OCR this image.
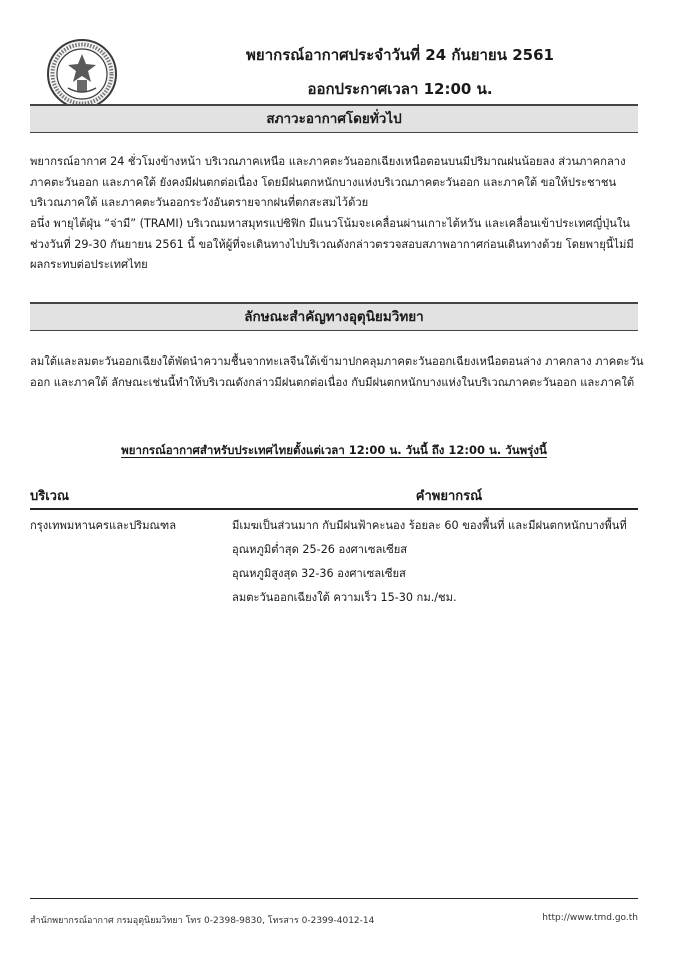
พยากรณ์อากาศประจำวันที่ 24 กันยายน 2561
ออกประกาศเวลา 12:00 น.
สภาวะอากาศโดยทั่วไป

พยากรณ์อากาศ 24 ชั่วโมงข้างหน้า บริเวณภาคเหนือ และภาคตะวันออกเฉียงเหนือตอนบนมีปริมาณฝนน้อยลง ส่วนภาคกลาง ภาคตะวันออก และภาคใต้ ยังคงมีฝนตกต่อเนื่อง โดยมีฝนตกหนักบางแห่งบริเวณภาคตะวันออก และภาคใต้ ขอให้ประชาชนบริเวณภาคใต้ และภาคตะวันออกระวังอันตรายจากฝนที่ตกสะสมไว้ด้วย

อนึ่ง พายุไต้ฝุ่น “จ่ามี” (TRAMI) บริเวณมหาสมุทรแปซิฟิก มีแนวโน้มจะเคลื่อนผ่านเกาะไต้หวัน และเคลื่อนเข้าประเทศญี่ปุ่นในช่วงวันที่ 29-30 กันยายน 2561 นี้ ขอให้ผู้ที่จะเดินทางไปบริเวณดังกล่าวตรวจสอบสภาพอากาศก่อนเดินทางด้วย โดยพายุนี้ไม่มีผลกระทบต่อประเทศไทย

ลักษณะสำคัญทางอุตุนิยมวิทยา

ลมใต้และลมตะวันออกเฉียงใต้พัดนำความชื้นจากทะเลจีนใต้เข้ามาปกคลุมภาคตะวันออกเฉียงเหนือตอนล่าง ภาคกลาง ภาคตะวันออก และภาคใต้ ลักษณะเช่นนี้ทำให้บริเวณดังกล่าวมีฝนตกต่อเนื่อง กับมีฝนตกหนักบางแห่งในบริเวณภาคตะวันออก และภาคใต้

พยากรณ์อากาศสำหรับประเทศไทยตั้งแต่เวลา 12:00 น. วันนี้ ถึง 12:00 น. วันพรุ่งนี้
บริเวณ	คำพยากรณ์
กรุงเทพมหานครและปริมณฑล	มีเมฆเป็นส่วนมาก กับมีฝนฟ้าคะนอง ร้อยละ 60 ของพื้นที่ และมีฝนตกหนักบางพื้นที่
อุณหภูมิต่ำสุด 25-26 องศาเซลเซียส
อุณหภูมิสูงสุด 32-36 องศาเซลเซียส
ลมตะวันออกเฉียงใต้ ความเร็ว 15-30 กม./ชม.
สำนักพยากรณ์อากาศ กรมอุตุนิยมวิทยา โทร 0-2398-9830, โทรสาร 0-2399-4012-14	http://www.tmd.go.th
